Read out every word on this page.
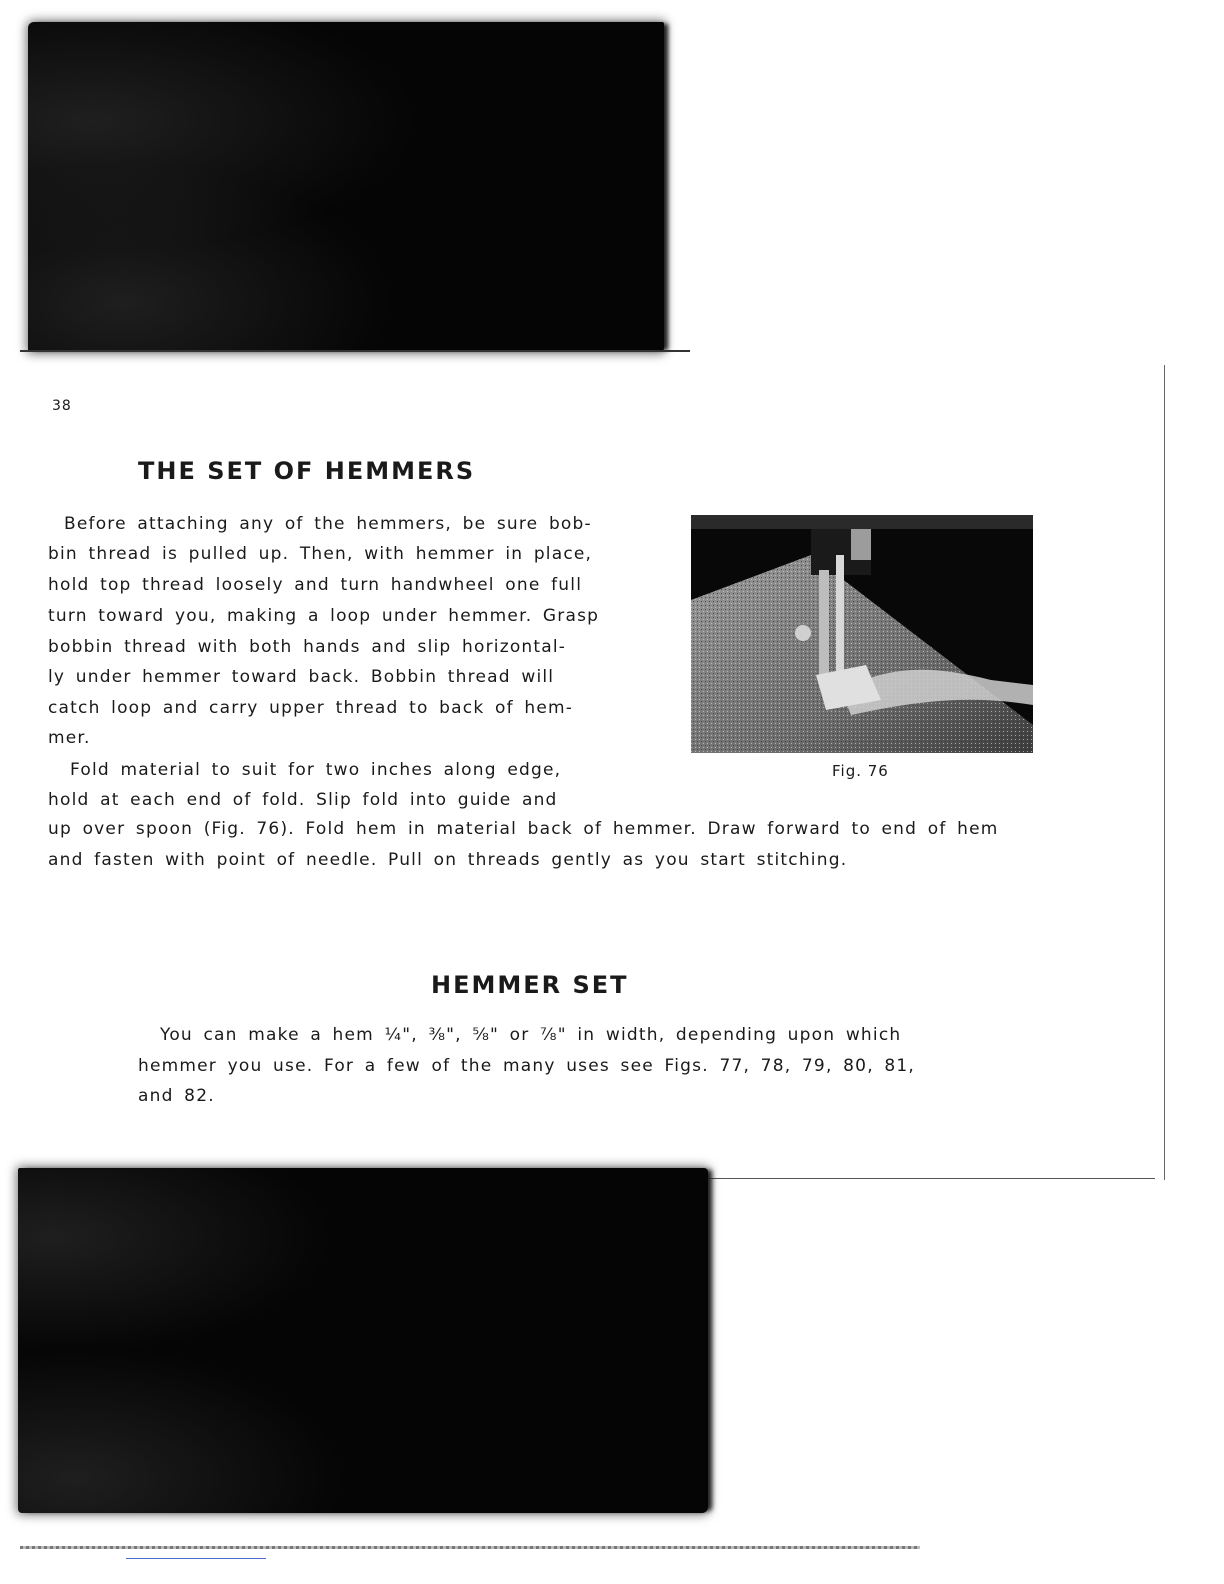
38
THE SET OF HEMMERS

Before attaching any of the hemmers, be sure bob-

bin thread is pulled up. Then, with hemmer in place,

hold top thread loosely and turn handwheel one full

turn toward you, making a loop under hemmer. Grasp

bobbin thread with both hands and slip horizontal-

ly under hemmer toward back. Bobbin thread will

catch loop and carry upper thread to back of hem-

mer.

Fold material to suit for two inches along edge,

hold at each end of fold. Slip fold into guide and

up over spoon (Fig. 76). Fold hem in material back of hemmer. Draw forward to end of hem

and fasten with point of needle. Pull on threads gently as you start stitching.

Fig. 76
HEMMER SET

You can make a hem ¼", ⅜", ⅝" or ⅞" in width, depending upon which

hemmer you use. For a few of the many uses see Figs. 77, 78, 79, 80, 81,

and 82.
